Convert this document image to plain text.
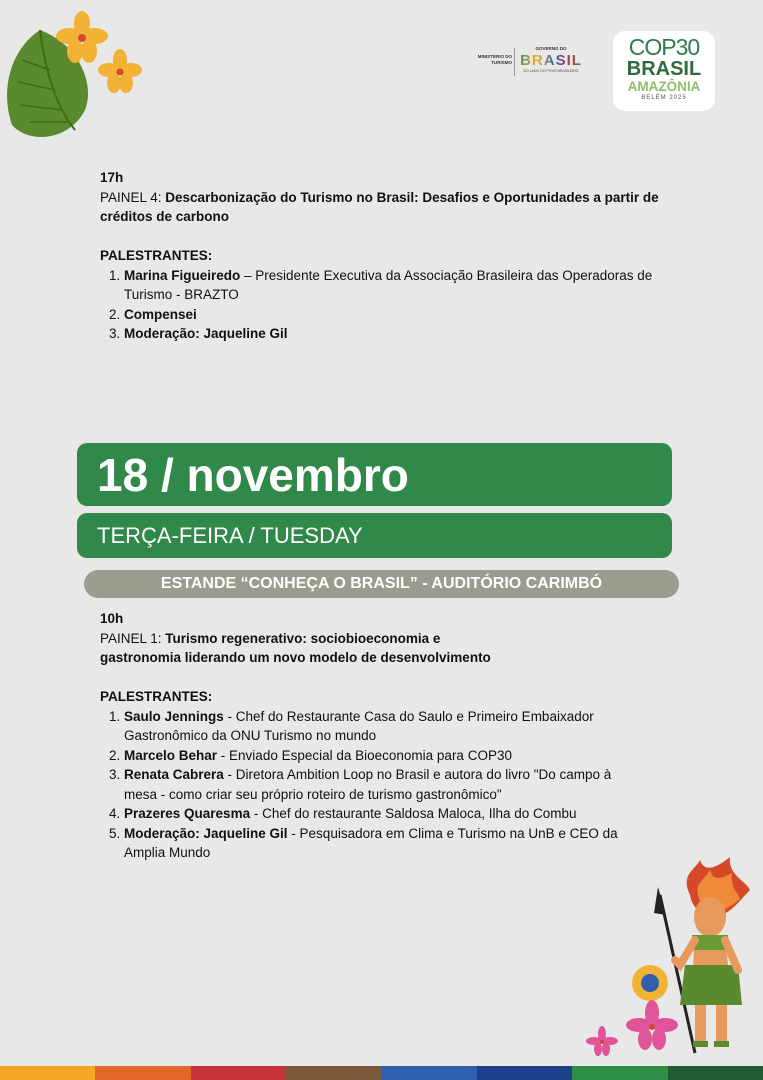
MINISTÉRIO DO
TURISMO
GOVERNO DO
BRASIL
DO LADO DO POVO BRASILEIRO
COP30
BRASIL
AMAZÔNIA
BELÉM 2025
17h
PAINEL 4: Descarbonização do Turismo no Brasil: Desafios e Oportunidades a partir de créditos de carbono
PALESTRANTES:
1. Marina Figueiredo – Presidente Executiva da Associação Brasileira das Operadoras de Turismo - BRAZTO
2. Compensei
3. Moderação: Jaqueline Gil
18 / novembro
TERÇA-FEIRA / TUESDAY
ESTANDE “CONHEÇA O BRASIL” - AUDITÓRIO CARIMBÓ
10h
PAINEL 1: Turismo regenerativo: sociobioeconomia e
gastronomia liderando um novo modelo de desenvolvimento
PALESTRANTES:
1. Saulo Jennings - Chef do Restaurante Casa do Saulo e Primeiro Embaixador Gastronômico da ONU Turismo no mundo
2. Marcelo Behar - Enviado Especial da Bioeconomia para COP30
3. Renata Cabrera - Diretora Ambition Loop no Brasil e autora do livro "Do campo à mesa - como criar seu próprio roteiro de turismo gastronômico"
4. Prazeres Quaresma - Chef do restaurante Saldosa Maloca, Ilha do Combu
5. Moderação: Jaqueline Gil - Pesquisadora em Clima e Turismo na UnB e CEO da Amplia Mundo
